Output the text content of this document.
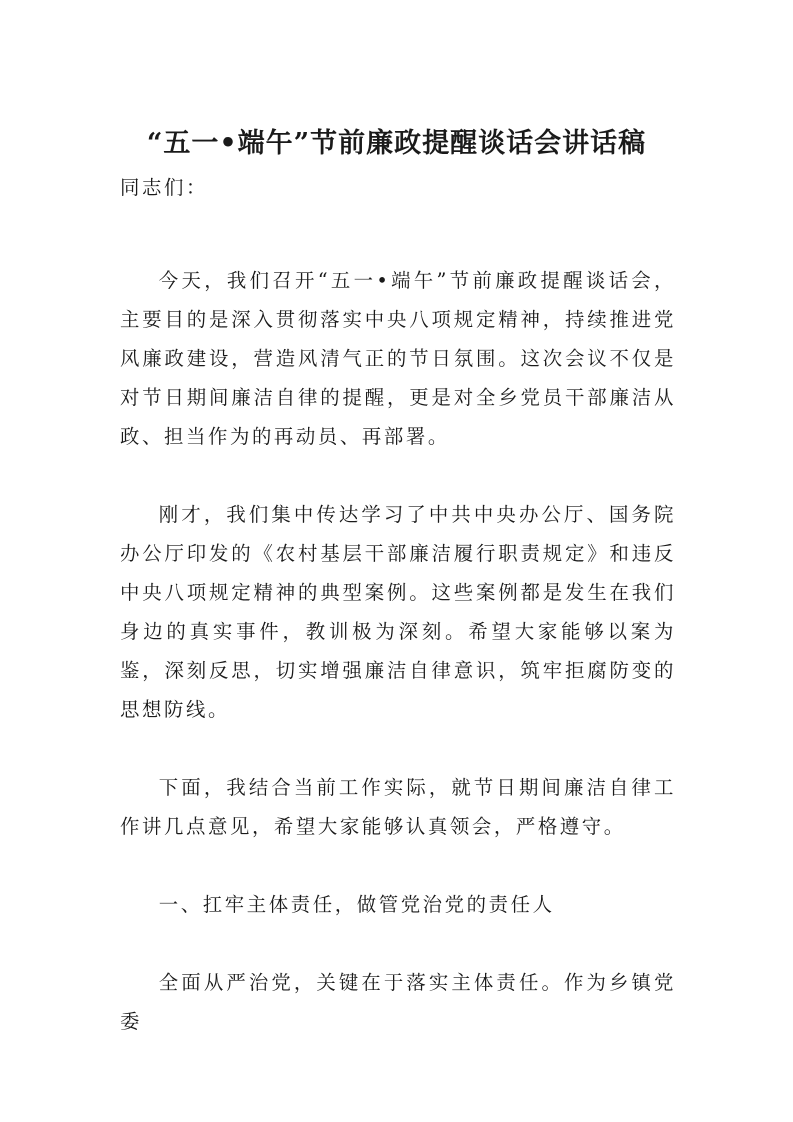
“五一•端午”节前廉政提醒谈话会讲话稿

同志们：

今天，我们召开“五一•端午”节前廉政提醒谈话会，主要目的是深入贯彻落实中央八项规定精神，持续推进党风廉政建设，营造风清气正的节日氛围。这次会议不仅是对节日期间廉洁自律的提醒，更是对全乡党员干部廉洁从政、担当作为的再动员、再部署。

刚才，我们集中传达学习了中共中央办公厅、国务院办公厅印发的《农村基层干部廉洁履行职责规定》和违反中央八项规定精神的典型案例。这些案例都是发生在我们身边的真实事件，教训极为深刻。希望大家能够以案为鉴，深刻反思，切实增强廉洁自律意识，筑牢拒腐防变的思想防线。

下面，我结合当前工作实际，就节日期间廉洁自律工作讲几点意见，希望大家能够认真领会，严格遵守。

一、扛牢主体责任，做管党治党的责任人

全面从严治党，关键在于落实主体责任。作为乡镇党委
